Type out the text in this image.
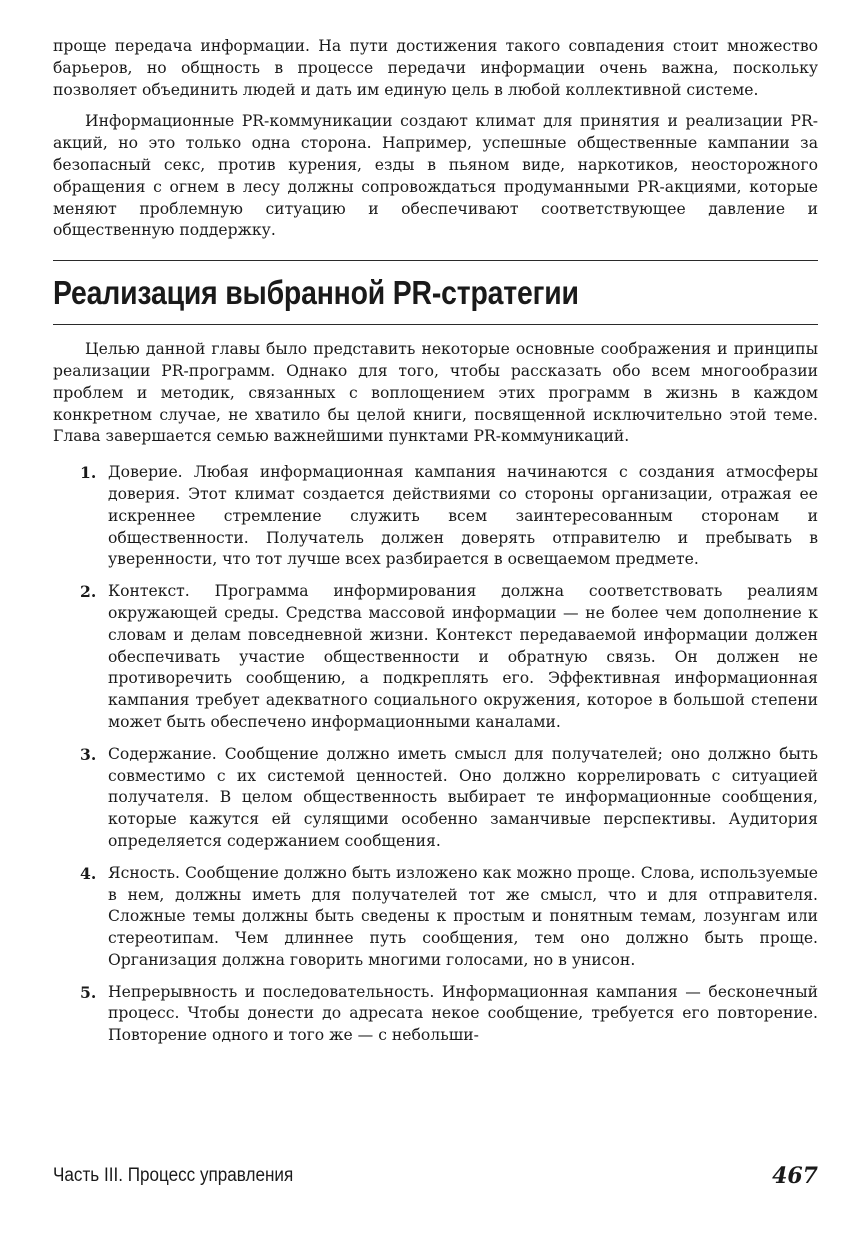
проще передача информации. На пути достижения такого совпадения стоит множество барьеров, но общность в процессе передачи информации очень важна, поскольку позволяет объединить людей и дать им единую цель в любой коллективной системе.

Информационные PR-коммуникации создают климат для принятия и реализации PR-акций, но это только одна сторона. Например, успешные общественные кампании за безопасный секс, против курения, езды в пьяном виде, наркотиков, неосторожного обращения с огнем в лесу должны сопровождаться продуманными PR-акциями, которые меняют проблемную ситуацию и обеспечивают соответствующее давление и общественную поддержку.

Реализация выбранной PR-стратегии

Целью данной главы было представить некоторые основные соображения и принципы реализации PR-программ. Однако для того, чтобы рассказать обо всем многообразии проблем и методик, связанных с воплощением этих программ в жизнь в каждом конкретном случае, не хватило бы целой книги, посвященной исключительно этой теме. Глава завершается семью важнейшими пунктами PR-коммуникаций.

1. Доверие. Любая информационная кампания начинаются с создания атмосферы доверия. Этот климат создается действиями со стороны организации, отражая ее искреннее стремление служить всем заинтересованным сторонам и общественности. Получатель должен доверять отправителю и пребывать в уверенности, что тот лучше всех разбирается в освещаемом предмете.

2. Контекст. Программа информирования должна соответствовать реалиям окружающей среды. Средства массовой информации — не более чем дополнение к словам и делам повседневной жизни. Контекст передаваемой информации должен обеспечивать участие общественности и обратную связь. Он должен не противоречить сообщению, а подкреплять его. Эффективная информационная кампания требует адекватного социального окружения, которое в большой степени может быть обеспечено информационными каналами.

3. Содержание. Сообщение должно иметь смысл для получателей; оно должно быть совместимо с их системой ценностей. Оно должно коррелировать с ситуацией получателя. В целом общественность выбирает те информационные сообщения, которые кажутся ей сулящими особенно заманчивые перспективы. Аудитория определяется содержанием сообщения.

4. Ясность. Сообщение должно быть изложено как можно проще. Слова, используемые в нем, должны иметь для получателей тот же смысл, что и для отправителя. Сложные темы должны быть сведены к простым и понятным темам, лозунгам или стереотипам. Чем длиннее путь сообщения, тем оно должно быть проще. Организация должна говорить многими голосами, но в унисон.

5. Непрерывность и последовательность. Информационная кампания — бесконечный процесс. Чтобы донести до адресата некое сообщение, требуется его повторение. Повторение одного и того же — с небольши-

Часть III. Процесс управления	467
